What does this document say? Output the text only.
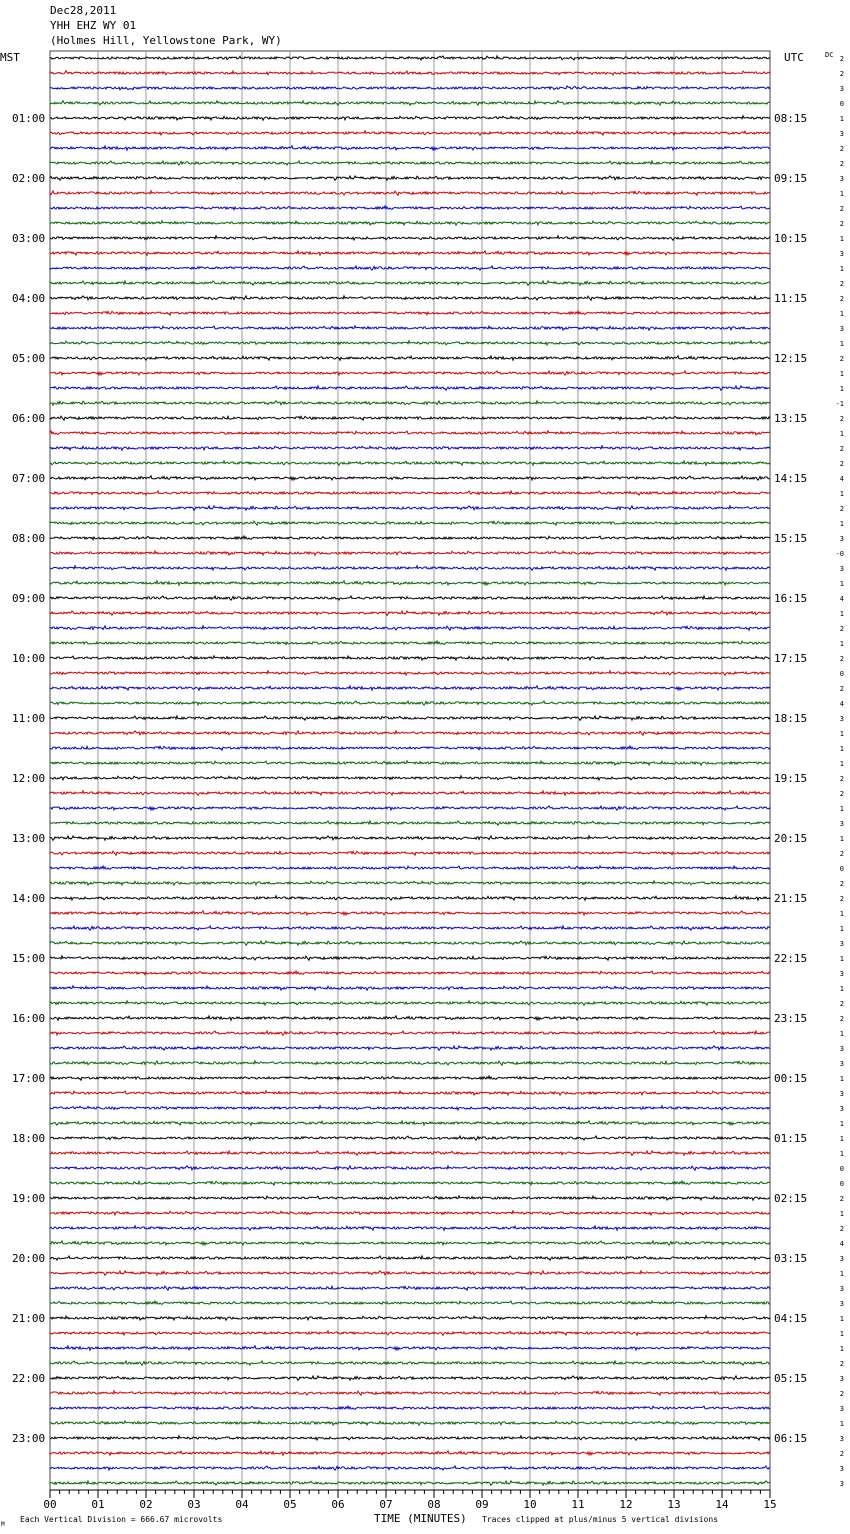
Dec28,2011
YHH EHZ WY 01
(Holmes Hill, Yellowstone Park, WY)
MST	UTC	DC
M
Each Vertical Division = 666.67 microvolts	TIME (MINUTES) Traces clipped at plus/minus 5 vertical divisions
00	01	02	03	04	05	06	07	08	09	10	11	12	13	14	15
01:00
02:00
03:00
04:00
05:00
06:00
07:00
08:00
09:00
10:00
11:00
12:00
13:00
14:00
15:00
16:00
17:00
18:00
19:00
20:00
21:00
22:00
23:00
08:15
09:15
10:15
11:15
12:15
13:15
14:15
15:15
16:15
17:15
18:15
19:15
20:15
21:15
22:15
23:15
00:15
01:15
02:15
03:15
04:15
05:15
06:15
2
2
3
0
1
3
2
2
3
1
2
2
1
3
1
2
2
1
3
1
2
1
1
-1
2
1
2
2
4
1
2
1
3
-0
3
1
4
1
2
1
2
0
2
4
3
1
1
1
2
2
1
3
1
2
0
2
2
1
1
3
1
3
1
2
2
1
3
3
1
3
3
1
1
1
0
0
2
1
2
4
3
1
3
3
1
1
1
2
3
2
3
1
3
2
3
3
